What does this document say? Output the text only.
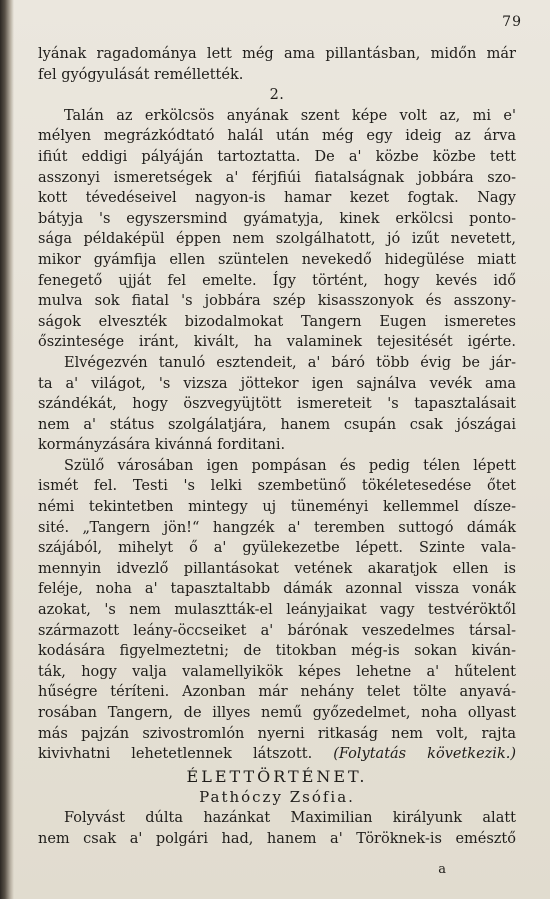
79
lyának ragadománya lett még ama pillantásban, midőn már
fel gyógyulását reméllették.
2.
Talán az erkölcsös anyának szent képe volt az, mi e'
mélyen megrázkódtató halál után még egy ideig az árva
ifiút eddigi pályáján tartoztatta. De a' közbe közbe tett
asszonyi ismeretségek a' férjfiúi fiatalságnak jobbára szo-
kott tévedéseivel nagyon-is hamar kezet fogtak. Nagy
bátyja 's egyszersmind gyámatyja, kinek erkölcsi ponto-
sága példaképül éppen nem szolgálhatott, jó izűt nevetett,
mikor gyámfija ellen szüntelen nevekedő hidegülése miatt
fenegető ujját fel emelte. Így történt, hogy kevés idő
mulva sok fiatal 's jobbára szép kisasszonyok és asszony-
ságok elveszték bizodalmokat Tangern Eugen ismeretes
őszintesége iránt, kivált, ha valaminek tejesitését igérte.
Elvégezvén tanuló esztendeit, a' báró több évig be jár-
ta a' világot, 's vizsza jöttekor igen sajnálva vevék ama
szándékát, hogy öszvegyüjtött ismereteit 's tapasztalásait
nem a' státus szolgálatjára, hanem csupán csak jószágai
kormányzására kivánná forditani.
Szülő városában igen pompásan és pedig télen lépett
ismét fel. Testi 's lelki szembetünő tökéletesedése őtet
némi tekintetben mintegy uj tüneményi kellemmel dísze-
sité. „Tangern jön!“ hangzék a' teremben suttogó dámák
szájából, mihelyt ő a' gyülekezetbe lépett. Szinte vala-
mennyin idvezlő pillantásokat vetének akaratjok ellen is
feléje, noha a' tapasztaltabb dámák azonnal vissza vonák
azokat, 's nem mulasztták-el leányjaikat vagy testvéröktől
származott leány-öccseiket a' bárónak veszedelmes társal-
kodására figyelmeztetni; de titokban még-is sokan kiván-
ták, hogy valja valamellyikök képes lehetne a' hűtelent
hűségre téríteni. Azonban már nehány telet tölte anyavá-
rosában Tangern, de illyes nemű győzedelmet, noha ollyast
más pajzán szivostromlón nyerni ritkaság nem volt, rajta
kivivhatni lehetetlennek látszott. (Folytatás következik.)
ÉLETTÖRTÉNET.
Pathóczy Zsófia.
Folyvást dúlta hazánkat Maximilian királyunk alatt
nem csak a' polgári had, hanem a' Töröknek-is emésztő
a
